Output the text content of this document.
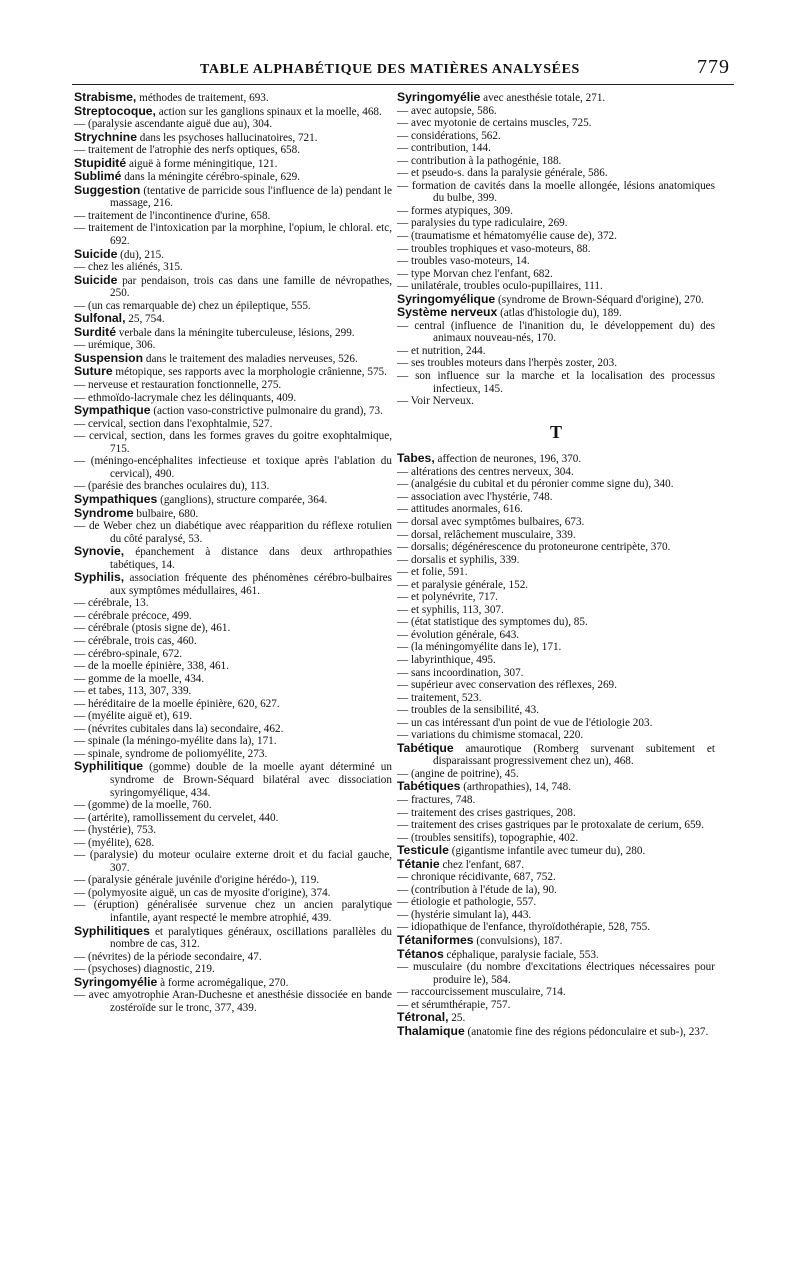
TABLE ALPHABÉTIQUE DES MATIÈRES ANALYSÉES	779
Strabisme, méthodes de traitement, 693.
Streptocoque, action sur les ganglions spinaux et la moelle, 468.
— (paralysie ascendante aiguë due au), 304.
Strychnine dans les psychoses hallucinatoires, 721.
— traitement de l'atrophie des nerfs optiques, 658.
Stupidité aiguë à forme méningitique, 121.
Sublimé dans la méningite cérébro-spinale, 629.
Suggestion (tentative de parricide sous l'influence de la) pendant le massage, 216.
— traitement de l'incontinence d'urine, 658.
— traitement de l'intoxication par la morphine, l'opium, le chloral. etc, 692.
Suicide (du), 215.
— chez les aliénés, 315.
Suicide par pendaison, trois cas dans une famille de névropathes, 250.
— (un cas remarquable de) chez un épileptique, 555.
Sulfonal, 25, 754.
Surdité verbale dans la méningite tuberculeuse, lésions, 299.
— urémique, 306.
Suspension dans le traitement des maladies nerveuses, 526.
Suture métopique, ses rapports avec la morphologie crânienne, 575.
— nerveuse et restauration fonctionnelle, 275.
— ethmoïdo-lacrymale chez les délinquants, 409.
Sympathique (action vaso-constrictive pulmonaire du grand), 73.
— cervical, section dans l'exophtalmie, 527.
— cervical, section, dans les formes graves du goitre exophtalmique, 715.
— (méningo-encéphalites infectieuse et toxique après l'ablation du cervical), 490.
— (parésie des branches oculaires du), 113.
Sympathiques (ganglions), structure comparée, 364.
Syndrome bulbaire, 680.
— de Weber chez un diabétique avec réapparition du réflexe rotulien du côté paralysé, 53.
Synovie, épanchement à distance dans deux arthropathies tabétiques, 14.
Syphilis, association fréquente des phénomènes cérébro-bulbaires aux symptômes médullaires, 461.
— cérébrale, 13.
— cérébrale précoce, 499.
— cérébrale (ptosis signe de), 461.
— cérébrale, trois cas, 460.
— cérébro-spinale, 672.
— de la moelle épinière, 338, 461.
— gomme de la moelle, 434.
— et tabes, 113, 307, 339.
— héréditaire de la moelle épinière, 620, 627.
— (myélite aiguë et), 619.
— (névrites cubitales dans la) secondaire, 462.
— spinale (la méningo-myélite dans la), 171.
— spinale, syndrome de poliomyélite, 273.
Syphilitique (gomme) double de la moelle ayant déterminé un syndrome de Brown-Séquard bilatéral avec dissociation syringomyélique, 434.
— (gomme) de la moelle, 760.
— (artérite), ramollissement du cervelet, 440.
— (hystérie), 753.
— (myélite), 628.
— (paralysie) du moteur oculaire externe droit et du facial gauche, 307.
— (paralysie générale juvénile d'origine hérédo-), 119.
— (polymyosite aiguë, un cas de myosite d'origine), 374.
— (éruption) généralisée survenue chez un ancien paralytique infantile, ayant respecté le membre atrophié, 439.
Syphilitiques et paralytiques généraux, oscillations parallèles du nombre de cas, 312.
— (névrites) de la période secondaire, 47.
— (psychoses) diagnostic, 219.
Syringomyélie à forme acromégalique, 270.
— avec amyotrophie Aran-Duchesne et anesthésie dissociée en bande zostéroïde sur le tronc, 377, 439.
Syringomyélie avec anesthésie totale, 271.
— avec autopsie, 586.
— avec myotonie de certains muscles, 725.
— considérations, 562.
— contribution, 144.
— contribution à la pathogénie, 188.
— et pseudo-s. dans la paralysie générale, 586.
— formation de cavités dans la moelle allongée, lésions anatomiques du bulbe, 399.
— formes atypiques, 309.
— paralysies du type radiculaire, 269.
— (traumatisme et hématomyélie cause de), 372.
— troubles trophiques et vaso-moteurs, 88.
— troubles vaso-moteurs, 14.
— type Morvan chez l'enfant, 682.
— unilatérale, troubles oculo-pupillaires, 111.
Syringomyélique (syndrome de Brown-Séquard d'origine), 270.
Système nerveux (atlas d'histologie du), 189.
— central (influence de l'inanition du, le développement du) des animaux nouveau-nés, 170.
— et nutrition, 244.
— ses troubles moteurs dans l'herpès zoster, 203.
— son influence sur la marche et la localisation des processus infectieux, 145.
— Voir Nerveux.
T
Tabes, affection de neurones, 196, 370.
— altérations des centres nerveux, 304.
— (analgésie du cubital et du péronier comme signe du), 340.
— association avec l'hystérie, 748.
— attitudes anormales, 616.
— dorsal avec symptômes bulbaires, 673.
— dorsal, relâchement musculaire, 339.
— dorsalis; dégénérescence du protoneurone centripète, 370.
— dorsalis et syphilis, 339.
— et folie, 591.
— et paralysie générale, 152.
— et polynévrite, 717.
— et syphilis, 113, 307.
— (état statistique des symptomes du), 85.
— évolution générale, 643.
— (la méningomyélite dans le), 171.
— labyrinthique, 495.
— sans incoordination, 307.
— supérieur avec conservation des réflexes, 269.
— traitement, 523.
— troubles de la sensibilité, 43.
— un cas intéressant d'un point de vue de l'étiologie 203.
— variations du chimisme stomacal, 220.
Tabétique amaurotique (Romberg survenant subitement et disparaissant progressivement chez un), 468.
— (angine de poitrine), 45.
Tabétiques (arthropathies), 14, 748.
— fractures, 748.
— traitement des crises gastriques, 208.
— traitement des crises gastriques par le protoxalate de cerium, 659.
— (troubles sensitifs), topographie, 402.
Testicule (gigantisme infantile avec tumeur du), 280.
Tétanie chez l'enfant, 687.
— chronique récidivante, 687, 752.
— (contribution à l'étude de la), 90.
— étiologie et pathologie, 557.
— (hystérie simulant la), 443.
— idiopathique de l'enfance, thyroïdothérapie, 528, 755.
Tétaniformes (convulsions), 187.
Tétanos céphalique, paralysie faciale, 553.
— musculaire (du nombre d'excitations électriques nécessaires pour produire le), 584.
— raccourcissement musculaire, 714.
— et sérumthérapie, 757.
Tétronal, 25.
Thalamique (anatomie fine des régions pédonculaire et sub-), 237.
